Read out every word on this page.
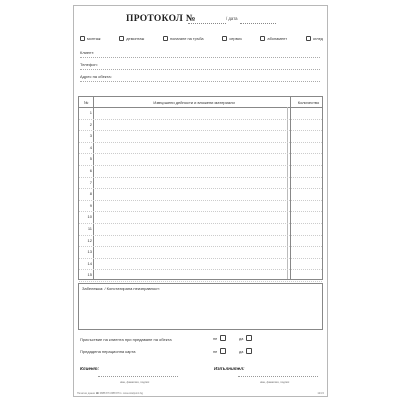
ПРОТОКОЛ №	/ дата
монтаж	демонтаж	полагане на тръба	сервиз	абонамент	оглед
Клиент:
Телефон:
Адрес на обекта:
№	Извършени дейности и вложени материали	Количество
1
2
3
4
5
6
7
8
9
10
11
12
13
14
15
Забележка: / Констатирана неизправност:
Присъствие на клиента при предаване на обекта	не	да
Предадена перационна карта	не	да
Клиент:
име, фамилия, подпис
Изпълнител:
име, фамилия, подпис
Печатни данни ☎ 0888 874 888 874 • www.sitelpoint.bg	123-5
